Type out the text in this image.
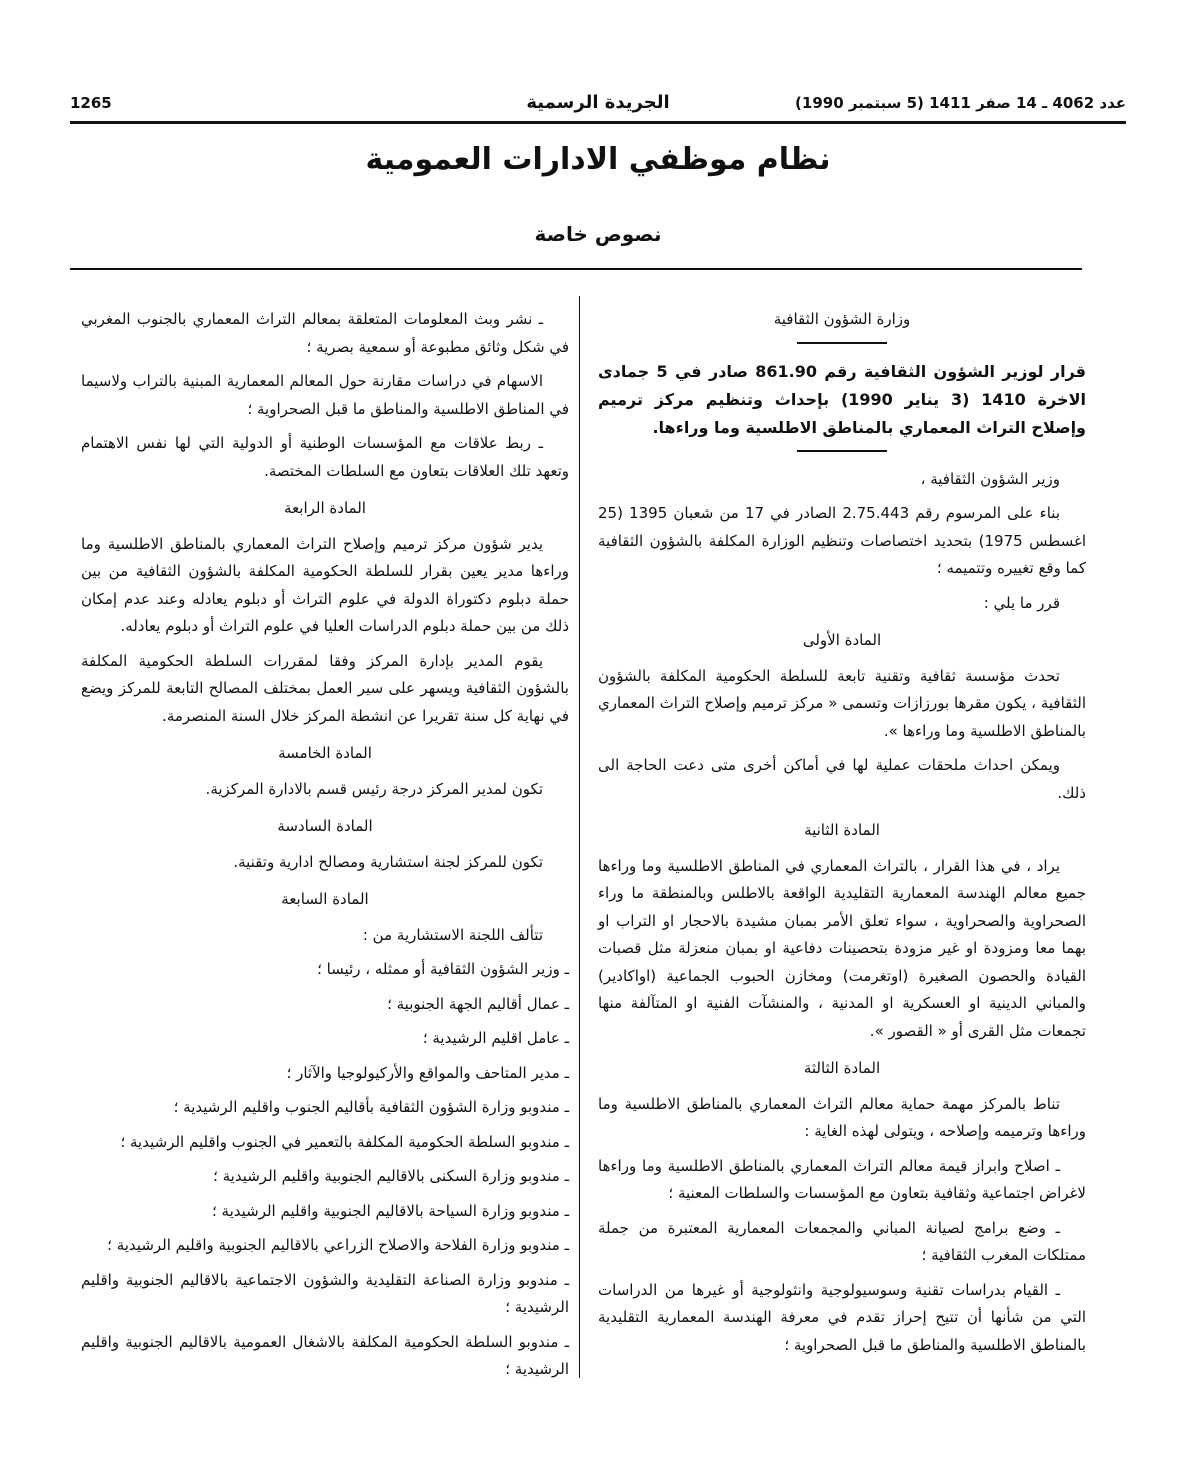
عدد 4062 ـ 14 صفر 1411 (5 سبتمبر 1990)
الجريدة الرسمية
1265
نظام موظفي الادارات العمومية
نصوص خاصة
وزارة الشؤون الثقافية

قرار لوزير الشؤون الثقافية رقم 861.90 صادر في 5 جمادى الاخرة 1410 (3 يناير 1990) بإحداث وتنظيم مركز ترميم وإصلاح التراث المعماري بالمناطق الاطلسية وما وراءها.

وزير الشؤون الثقافية ،

بناء على المرسوم رقم 2.75.443 الصادر في 17 من شعبان 1395 (25 اغسطس 1975) بتحديد اختصاصات وتنظيم الوزارة المكلفة بالشؤون الثقافية كما وقع تغييره وتتميمه ؛

قرر ما يلي :

المادة الأولى

تحدث مؤسسة ثقافية وتقنية تابعة للسلطة الحكومية المكلفة بالشؤون الثقافية ، يكون مقرها بورزازات وتسمى « مركز ترميم وإصلاح التراث المعماري بالمناطق الاطلسية وما وراءها ».

ويمكن احداث ملحقات عملية لها في أماكن أخرى متى دعت الحاجة الى ذلك.

المادة الثانية

يراد ، في هذا القرار ، بالتراث المعماري في المناطق الاطلسية وما وراءها جميع معالم الهندسة المعمارية التقليدية الواقعة بالاطلس وبالمنطقة ما وراء الصحراوية والصحراوية ، سواء تعلق الأمر بمبان مشيدة بالاحجار او التراب او بهما معا ومزودة او غير مزودة بتحصينات دفاعية او بمبان منعزلة مثل قصبات القيادة والحصون الصغيرة (اوتغرمت) ومخازن الحبوب الجماعية (اواكادير) والمباني الدينية او العسكرية او المدنية ، والمنشآت الفنية او المتآلفة منها تجمعات مثل القرى أو « القصور ».

المادة الثالثة

تناط بالمركز مهمة حماية معالم التراث المعماري بالمناطق الاطلسية وما وراءها وترميمه وإصلاحه ، ويتولى لهذه الغاية :

ـ اصلاح وابراز قيمة معالم التراث المعماري بالمناطق الاطلسية وما وراءها لاغراض اجتماعية وثقافية بتعاون مع المؤسسات والسلطات المعنية ؛

ـ وضع برامج لصيانة المباني والمجمعات المعمارية المعتبرة من جملة ممتلكات المغرب الثقافية ؛

ـ القيام بدراسات تقنية وسوسيولوجية وانثولوجية أو غيرها من الدراسات التي من شأنها أن تتيح إحراز تقدم في معرفة الهندسة المعمارية التقليدية بالمناطق الاطلسية والمناطق ما قبل الصحراوية ؛

ـ نشر وبث المعلومات المتعلقة بمعالم التراث المعماري بالجنوب المغربي في شكل وثائق مطبوعة أو سمعية بصرية ؛

الاسهام في دراسات مقارنة حول المعالم المعمارية المبنية بالتراب ولاسيما في المناطق الاطلسية والمناطق ما قبل الصحراوية ؛

ـ ربط علاقات مع المؤسسات الوطنية أو الدولية التي لها نفس الاهتمام وتعهد تلك العلاقات بتعاون مع السلطات المختصة.

المادة الرابعة

يدير شؤون مركز ترميم وإصلاح التراث المعماري بالمناطق الاطلسية وما وراءها مدير يعين بقرار للسلطة الحكومية المكلفة بالشؤون الثقافية من بين حملة دبلوم دكتوراة الدولة في علوم التراث أو دبلوم يعادله وعند عدم إمكان ذلك من بين حملة دبلوم الدراسات العليا في علوم التراث أو دبلوم يعادله.

يقوم المدير بإدارة المركز وفقا لمقررات السلطة الحكومية المكلفة بالشؤون الثقافية ويسهر على سير العمل بمختلف المصالح التابعة للمركز ويضع في نهاية كل سنة تقريرا عن انشطة المركز خلال السنة المنصرمة.

المادة الخامسة

تكون لمدير المركز درجة رئيس قسم بالادارة المركزية.

المادة السادسة

تكون للمركز لجنة استشارية ومصالح ادارية وتقنية.

المادة السابعة

تتألف اللجنة الاستشارية من :

ـ وزير الشؤون الثقافية أو ممثله ، رئيسا ؛

ـ عمال أقاليم الجهة الجنوبية ؛

ـ عامل اقليم الرشيدية ؛

ـ مدير المتاحف والمواقع والأركيولوجيا والآثار ؛

ـ مندوبو وزارة الشؤون الثقافية بأقاليم الجنوب واقليم الرشيدية ؛

ـ مندوبو السلطة الحكومية المكلفة بالتعمير في الجنوب واقليم الرشيدية ؛

ـ مندوبو وزارة السكنى بالاقاليم الجنوبية واقليم الرشيدية ؛

ـ مندوبو وزارة السياحة بالاقاليم الجنوبية واقليم الرشيدية ؛

ـ مندوبو وزارة الفلاحة والاصلاح الزراعي بالاقاليم الجنوبية واقليم الرشيدية ؛

ـ مندوبو وزارة الصناعة التقليدية والشؤون الاجتماعية بالاقاليم الجنوبية واقليم الرشيدية ؛

ـ مندوبو السلطة الحكومية المكلفة بالاشغال العمومية بالاقاليم الجنوبية واقليم الرشيدية ؛
